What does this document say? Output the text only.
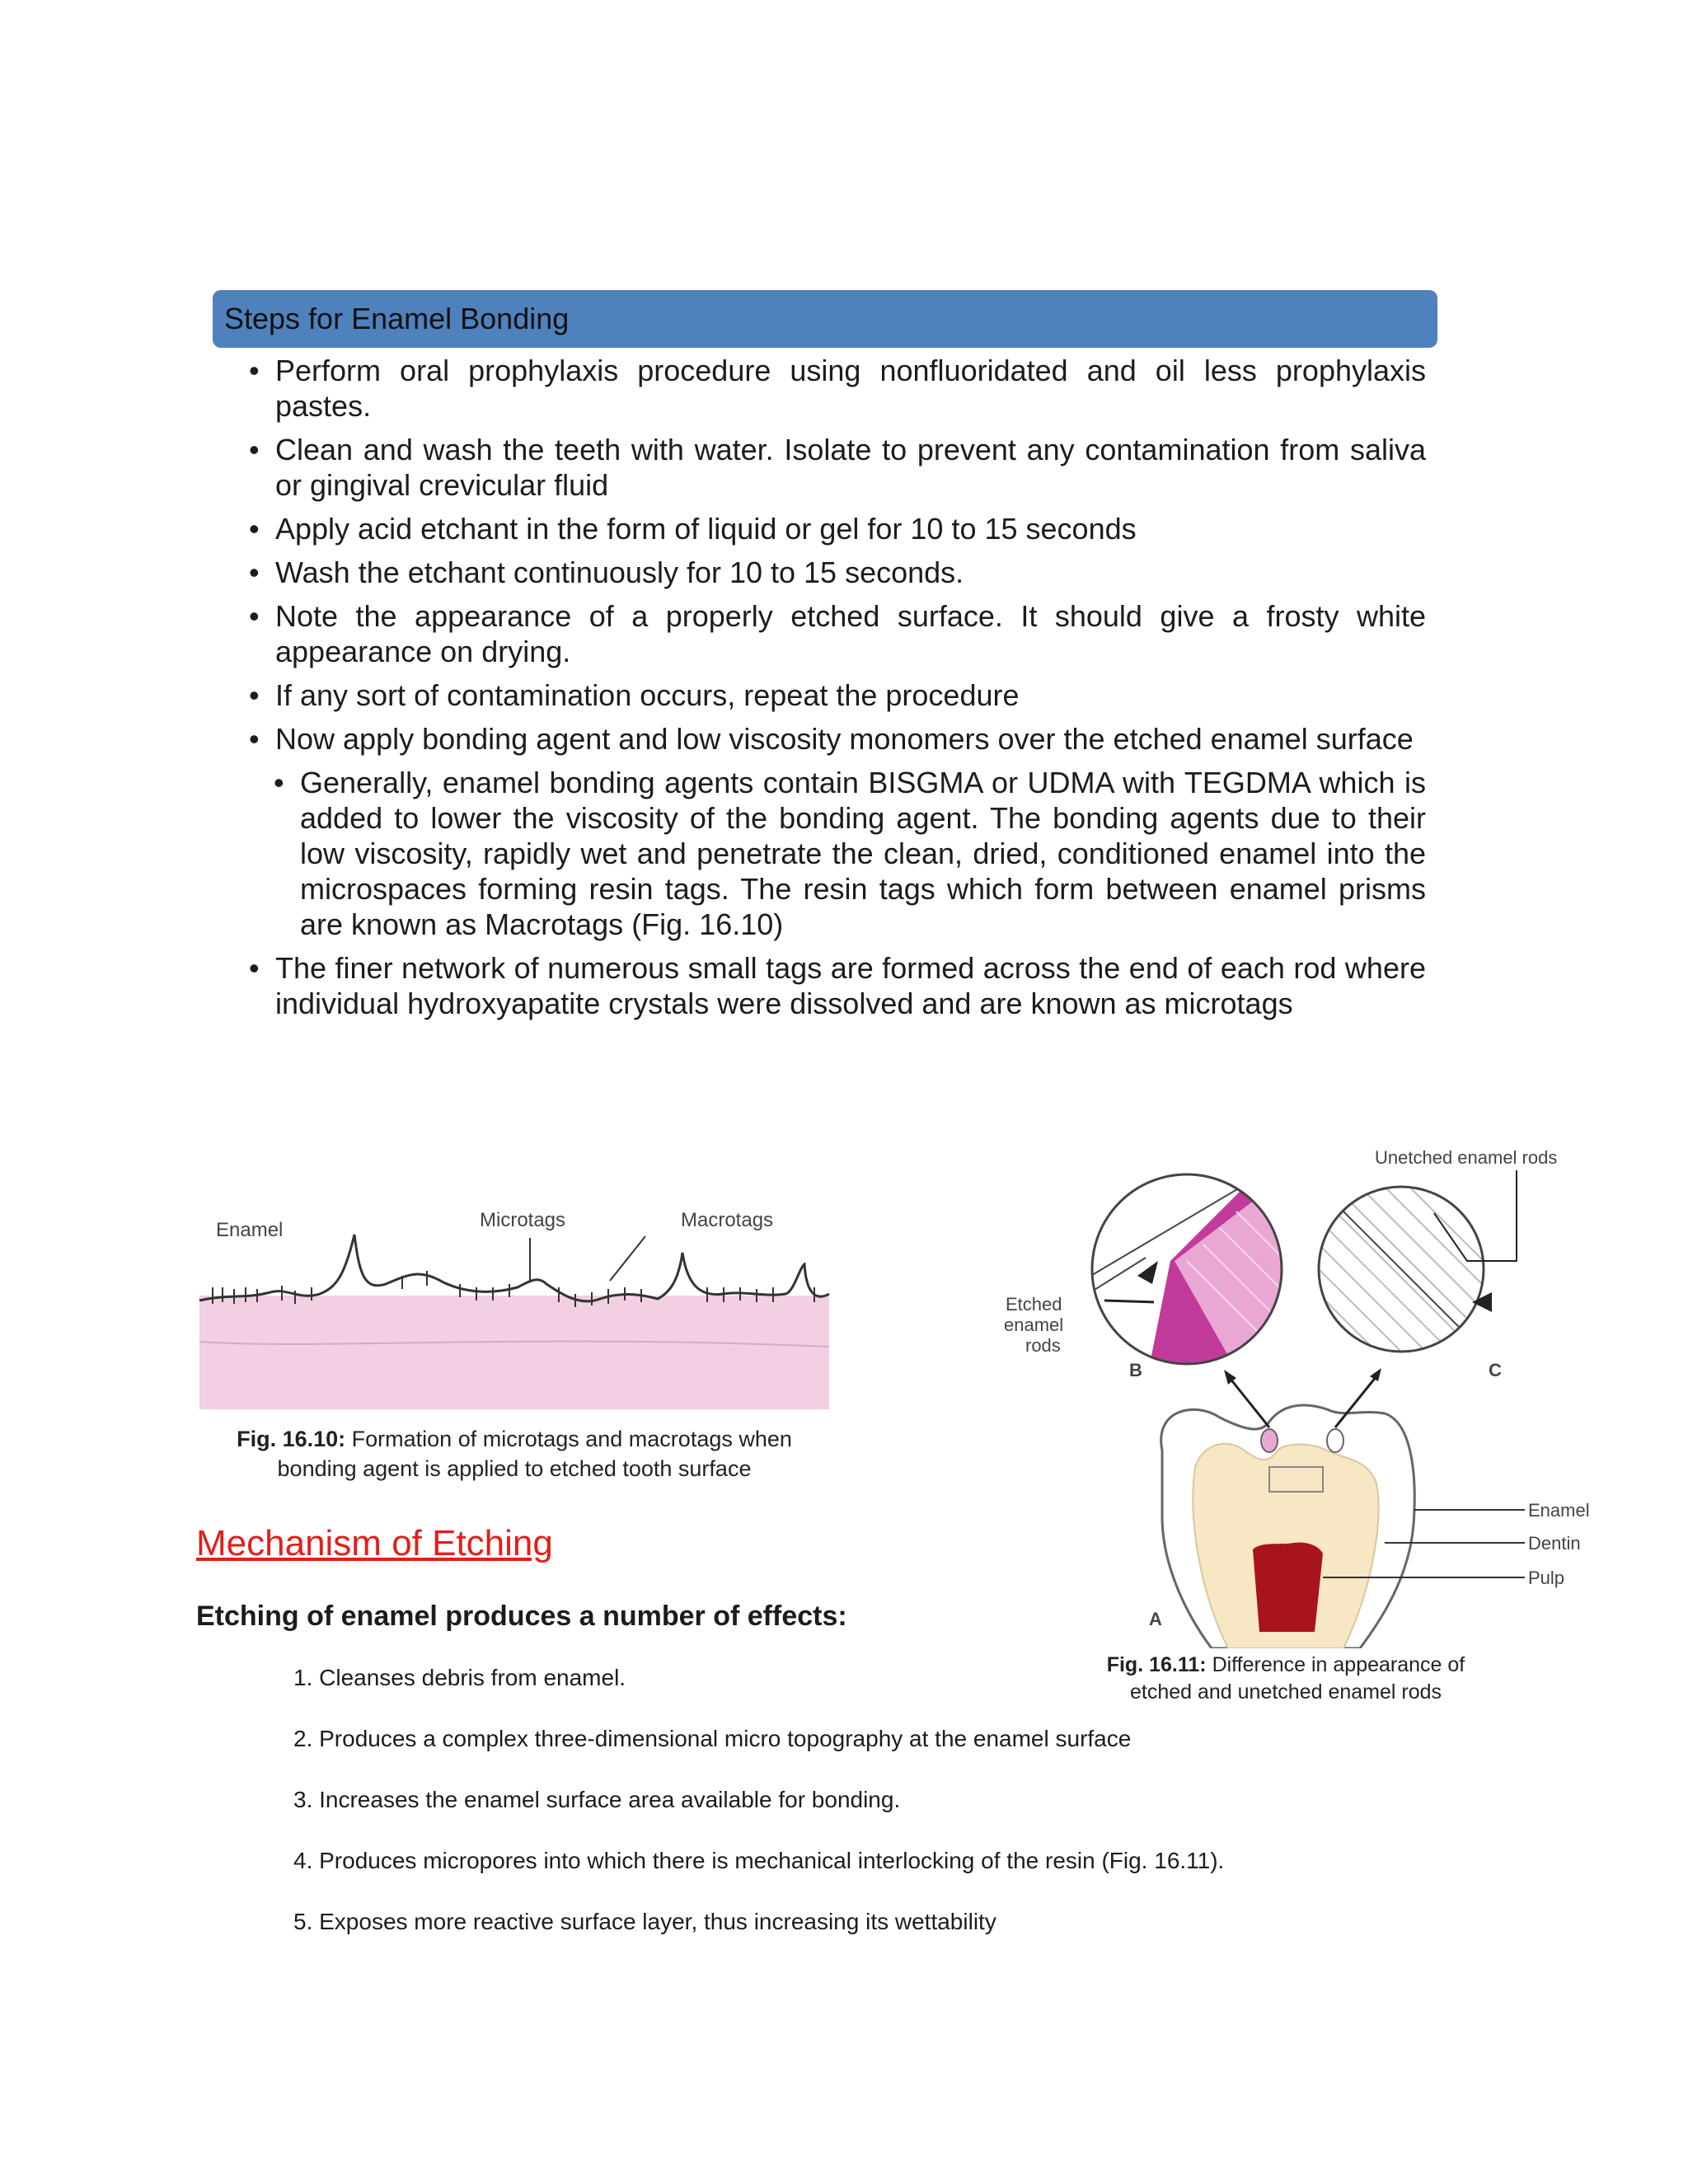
Steps for Enamel Bonding
• Perform oral prophylaxis procedure using nonfluoridated and oil less prophylaxis pastes.
• Clean and wash the teeth with water. Isolate to prevent any contamination from saliva or gingival crevicular fluid
• Apply acid etchant in the form of liquid or gel for 10 to 15 seconds
• Wash the etchant continuously for 10 to 15 seconds.
• Note the appearance of a properly etched surface. It should give a frosty white appearance on drying.
• If any sort of contamination occurs, repeat the procedure
• Now apply bonding agent and low viscosity monomers over the etched enamel surface
• Generally, enamel bonding agents contain BISGMA or UDMA with TEGDMA which is added to lower the viscosity of the bonding agent. The bonding agents due to their low viscosity, rapidly wet and penetrate the clean, dried, conditioned enamel into the microspaces forming resin tags. The resin tags which form between enamel prisms are known as Macrotags (Fig. 16.10)
• The finer network of numerous small tags are formed across the end of each rod where individual hydroxyapatite crystals were dissolved and are known as microtags
Enamel	Microtags	Macrotags
Fig. 16.10: Formation of microtags and macrotags when
bonding agent is applied to etched tooth surface
Unetched enamel rods
Etched
enamel
rods
B	C
A
Enamel
Dentin
Pulp
Fig. 16.11: Difference in appearance of
etched and unetched enamel rods
Mechanism of Etching
Etching of enamel produces a number of effects:
1. Cleanses debris from enamel.
2. Produces a complex three-dimensional micro topography at the enamel surface
3. Increases the enamel surface area available for bonding.
4. Produces micropores into which there is mechanical interlocking of the resin (Fig. 16.11).
5. Exposes more reactive surface layer, thus increasing its wettability
